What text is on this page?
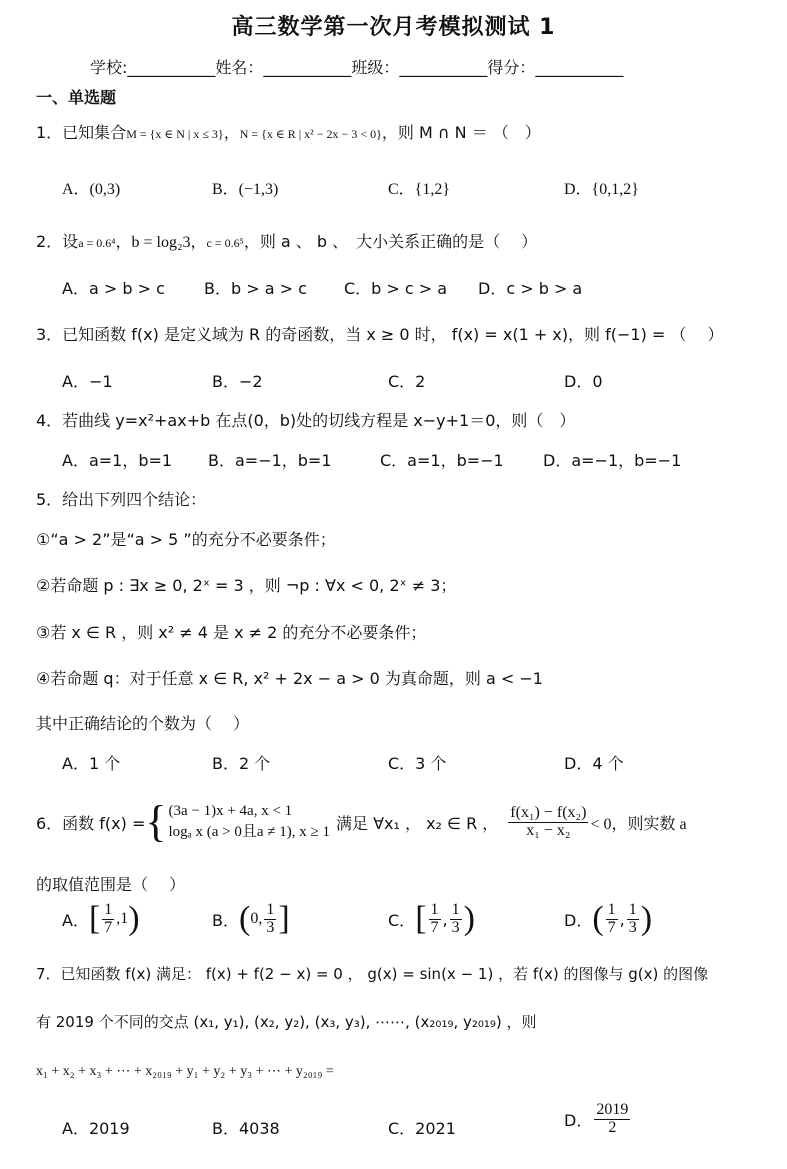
高三数学第一次月考模拟测试 1
学校:___________姓名：___________班级：___________得分：___________
一、单选题
1．已知集合M = {x ∈ N | x ≤ 3}，N = {x ∈ R | x² − 2x − 3 < 0}，则 M ∩ N ＝ （　）
A．(0,3)	B．(−1,3)	C．{1,2}	D．{0,1,2}
2．设a = 0.6⁴，b = log₂3，c = 0.6⁵，则 a 、 b 、　大小关系正确的是（　 ）
A．a > b > c B．b > a > c C．b > c > a D．c > b > a
3．已知函数 f(x) 是定义域为 R 的奇函数，当 x ≥ 0 时， f(x) = x(1 + x)，则 f(−1) = （　 ）
A．−1	B．−2	C．2	D．0
4．若曲线 y=x²+ax+b 在点(0，b)处的切线方程是 x−y+1＝0，则（　）
A．a=1，b=1 B．a=−1，b=1	C．a=1，b=−1 D．a=−1，b=−1
5．给出下列四个结论：
①“a > 2”是“a > 5 ”的充分不必要条件；
②若命题 p : ∃x ≥ 0, 2ˣ = 3 ，则 ¬p : ∀x < 0, 2ˣ ≠ 3；
③若 x ∈ R ，则 x² ≠ 4 是 x ≠ 2 的充分不必要条件；
④若命题 q：对于任意 x ∈ R, x² + 2x − a > 0 为真命题，则 a < −1
其中正确结论的个数为（　 ）
A．1 个	B．2 个	C．3 个	D．4 个
6．函数 f(x) = { (3a − 1)x + 4a, x < 1
logₐ x (a > 0且a ≠ 1), x ≥ 1 满足 ∀x₁ ， x₂ ∈ R ， $\frac{\text{f(x₁) − f(x₂)}}{\text{x₁ − x₂}} < 0$，则实数 a
的取值范围是（　 ）
A． [ $\frac{1}{7} ,1$ )	B． ( 0, $\frac{1}{3}$ ]	C． [ $\frac{1}{7}$ , $\frac{1}{3}$ )	D． ( $\frac{1}{7}$ , $\frac{1}{3}$ )
7．已知函数 f(x) 满足： f(x) + f(2 − x) = 0 ， g(x) = sin(x − 1) ，若 f(x) 的图像与 g(x) 的图像
有 2019 个不同的交点 (x₁, y₁), (x₂, y₂), (x₃, y₃), ⋯⋯, (x₂₀₁₉, y₂₀₁₉) ，则
x₁ + x₂ + x₃ + ⋯ + x₂₀₁₉ + y₁ + y₂ + y₃ + ⋯ + y₂₀₁₉ =
A．2019	B．4038	C．2021	D． $\frac{2019}{2}$
